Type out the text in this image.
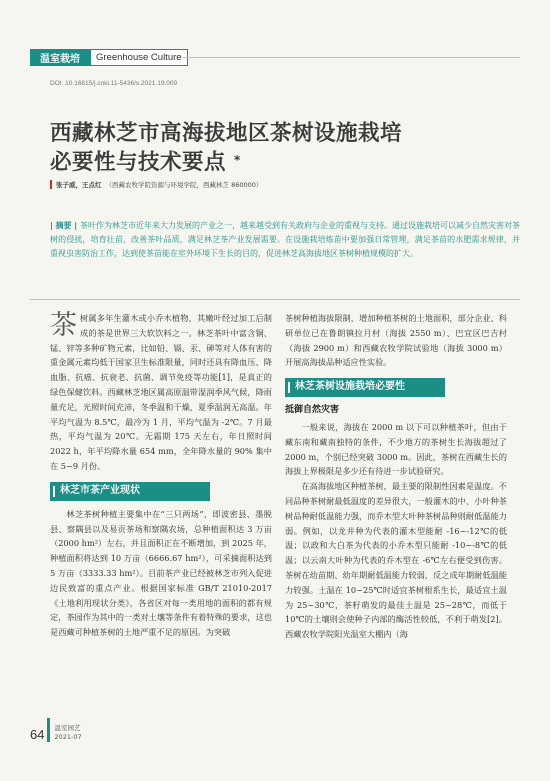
温室栽培	Greenhouse Culture
DOI: 10.16815/j.cnki.11-5436/s.2021.19.009
西藏林芝市高海拔地区茶树设施栽培
必要性与技术要点 *
张子威，王点红 （西藏农牧学院资源与环境学院，西藏林芝 860000）

| 摘要 | 茶叶作为林芝市近年来大力发展的产业之一，越来越受到有关政府与企业的重视与支持。通过设施栽培可以减少自然灾害对茶树的侵扰，培育壮苗，改善茶叶品质，满足林芝茶产业发展需要。在设施栽培炼苗中要加强日常管理，满足茶苗的水肥需求规律，并重视虫害防治工作，达到使茶苗能在室外环境下生长的目的，促进林芝高海拔地区茶树种植规模的扩大。

茶树属多年生灌木或小乔木植物，其嫩叶经过加工后制成的茶是世界三大软饮料之一。林芝茶叶中富含铜、锰、锌等多种矿物元素，比如铅、镉、汞、砷等对人体有害的重金属元素均低于国家卫生标准限量，同时还具有降血压、降血脂、抗癌、抗衰老、抗菌、调节免疫等功能[1]，是真正的绿色保健饮料。西藏林芝地区属高原温带湿润季风气候，降雨量充足，光照时间充沛，冬季温和干燥，夏季温润无高温。年平均气温为 8.5℃，最冷为 1 月，平均气温为 -2℃。7 月最热，平均气温为 20℃。无霜期 175 天左右，年日照时间 2022 h，年平均降水量 654 mm，全年降水量的 90% 集中在 5~9 月份。

林芝市茶产业现状

林芝茶树种植主要集中在“三只两场”，即波密县、墨脱县、察隅县以及易贡茶场和察隅农场，总种植面积达 3 万亩（2000 hm²）左右，并且面积正在不断增加，到 2025 年，种植面积将达到 10 万亩（6666.67 hm²），可采摘面积达到 5 万亩（3333.33 hm²）。目前茶产业已经被林芝市列入促进边民致富的重点产业。根据国家标准 GB/T 21010-2017《土地利用现状分类》，各省区对每一类用地的面积的都有规定，茶园作为其中的一类对土壤等条件有着特殊的要求，这也是西藏可种植茶树的土地严重不足的原因。为突破

茶树种植海拔限制，增加种植茶树的土地面积，部分企业、科研单位已在鲁朗镇拉月村（海拔 2550 m）、巴宜区巴吉村（海拔 2900 m）和西藏农牧学院试验地（海拔 3000 m）开展高海拔品种适应性实验。

林芝茶树设施栽培必要性
抵御自然灾害

一般来说，海拔在 2000 m 以下可以种植茶叶，但由于藏东南和藏南独特的条件，不少地方的茶树生长海拔超过了 2000 m，个别已经突破 3000 m。因此，茶树在西藏生长的海拔上界极限是多少还有待进一步试验研究。

在高海拔地区种植茶树，最主要的限制性因素是温度。不同品种茶树耐最低温度的差异很大，一般灌木的中、小叶种茶树品种耐低温能力强，而乔木型大叶种茶树品种则耐低温能力弱。例如，以龙井种为代表的灌木型能耐 -16~-12℃的低温；以政和大白茶为代表的小乔木型只能耐 -10~-8℃的低温；以云南大叶种为代表的乔木型在 -6℃左右便受到伤害。茶树在幼苗期、幼年期耐低温能力较弱，反之成年期耐低温能力较强。土温在 10~25℃时适宜茶树根系生长，最适宜土温为 25~30℃，茶籽萌发的最佳土温是 25~28℃，而低于 10℃的土壤则会使种子内部的酶活性较低，不利于萌发[2]。西藏农牧学院阳光温室大棚内（海

64 温室园艺
2021-07
